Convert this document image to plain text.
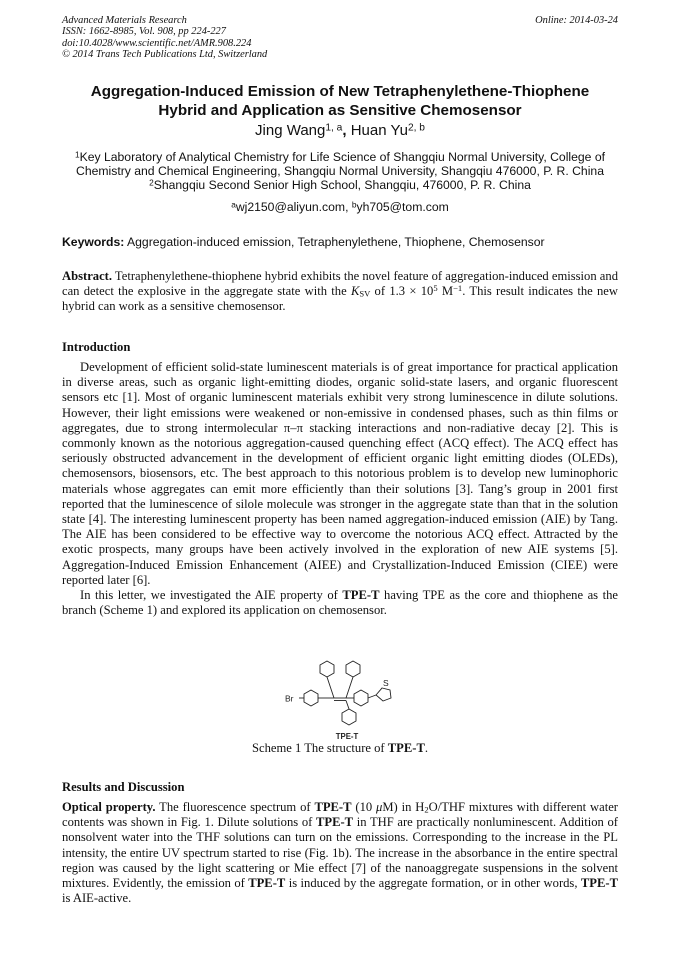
Advanced Materials Research
ISSN: 1662-8985, Vol. 908, pp 224-227
doi:10.4028/www.scientific.net/AMR.908.224
© 2014 Trans Tech Publications Ltd, Switzerland
Online: 2014-03-24
Aggregation-Induced Emission of New Tetraphenylethene-Thiophene
Hybrid and Application as Sensitive Chemosensor
Jing Wang$^{1, a}$, Huan Yu$^{2, b}$
$^1$Key Laboratory of Analytical Chemistry for Life Science of Shangqiu Normal University, College of Chemistry and Chemical Engineering, Shangqiu Normal University, Shangqiu 476000, P. R. China
$^2$Shangqiu Second Senior High School, Shangqiu, 476000, P. R. China
$^a$wj2150@aliyun.com, $^b$yh705@tom.com
Keywords: Aggregation-induced emission, Tetraphenylethene, Thiophene, Chemosensor
Abstract. Tetraphenylethene-thiophene hybrid exhibits the novel feature of aggregation-induced emission and can detect the explosive in the aggregate state with the $K_{SV}$ of $1.3 \times 10^5$ $M^{-1}$. This result indicates the new hybrid can work as a sensitive chemosensor.
Introduction

Development of efficient solid-state luminescent materials is of great importance for practical application in diverse areas, such as organic light-emitting diodes, organic solid-state lasers, and organic fluorescent sensors etc [1]. Most of organic luminescent materials exhibit very strong luminescence in dilute solutions. However, their light emissions were weakened or non-emissive in condensed phases, such as thin films or aggregates, due to strong intermolecular π–π stacking interactions and non-radiative decay [2]. This is commonly known as the notorious aggregation-caused quenching effect (ACQ effect). The ACQ effect has seriously obstructed advancement in the development of efficient organic light emitting diodes (OLEDs), chemosensors, biosensors, etc. The best approach to this notorious problem is to develop new luminophoric materials whose aggregates can emit more efficiently than their solutions [3]. Tang’s group in 2001 first reported that the luminescence of silole molecule was stronger in the aggregate state than that in the solution state [4]. The interesting luminescent property has been named aggregation-induced emission (AIE) by Tang. The AIE has been considered to be effective way to overcome the notorious ACQ effect. Attracted by the exotic prospects, many groups have been actively involved in the exploration of new AIE systems [5]. Aggregation-Induced Emission Enhancement (AIEE) and Crystallization-Induced Emission (CIEE) were reported later [6].

In this letter, we investigated the AIE property of TPE-T having TPE as the core and thiophene as the branch (Scheme 1) and explored its application on chemosensor.

Br
S
TPE-T
Scheme 1 The structure of TPE-T.
Results and Discussion

Optical property. The fluorescence spectrum of TPE-T (10 μM) in $H_2O$/THF mixtures with different water contents was shown in Fig. 1. Dilute solutions of TPE-T in THF are practically nonluminescent. Addition of nonsolvent water into the THF solutions can turn on the emissions. Corresponding to the increase in the PL intensity, the entire UV spectrum started to rise (Fig. 1b). The increase in the absorbance in the entire spectral region was caused by the light scattering or Mie effect [7] of the nanoaggregate suspensions in the solvent mixtures. Evidently, the emission of TPE-T is induced by the aggregate formation, or in other words, TPE-T is AIE-active.
